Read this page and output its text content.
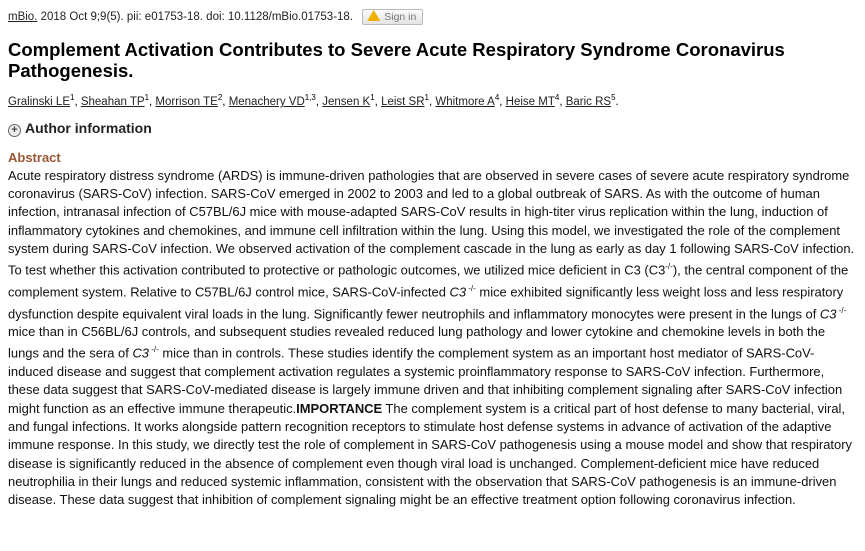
mBio. 2018 Oct 9;9(5). pii: e01753-18. doi: 10.1128/mBio.01753-18.	Sign in
Complement Activation Contributes to Severe Acute Respiratory Syndrome Coronavirus Pathogenesis.
Gralinski $LE^1$, Sheahan $TP^1$, Morrison $TE^2$, Menachery VD$^{1,3}$, Jensen $K^1$, Leist $SR^1$, Whitmore $A^4$, Heise $MT^4$, Baric $RS^5$.
+ Author information
Abstract
Acute respiratory distress syndrome (ARDS) is immune-driven pathologies that are observed in severe cases of severe acute respiratory syndrome coronavirus (SARS-CoV) infection. SARS-CoV emerged in 2002 to 2003 and led to a global outbreak of SARS. As with the outcome of human infection, intranasal infection of C57BL/6J mice with mouse-adapted SARS-CoV results in high-titer virus replication within the lung, induction of inflammatory cytokines and chemokines, and immune cell infiltration within the lung. Using this model, we investigated the role of the complement system during SARS-CoV infection. We observed activation of the complement cascade in the lung as early as day 1 following SARS-CoV infection. To test whether this activation contributed to protective or pathologic outcomes, we utilized mice deficient in C3 (C3-/-), the central component of the complement system. Relative to C57BL/6J control mice, SARS-CoV-infected C3 -/- mice exhibited significantly less weight loss and less respiratory dysfunction despite equivalent viral loads in the lung. Significantly fewer neutrophils and inflammatory monocytes were present in the lungs of C3 -/- mice than in C56BL/6J controls, and subsequent studies revealed reduced lung pathology and lower cytokine and chemokine levels in both the lungs and the sera of C3 -/- mice than in controls. These studies identify the complement system as an important host mediator of SARS-CoV-induced disease and suggest that complement activation regulates a systemic proinflammatory response to SARS-CoV infection. Furthermore, these data suggest that SARS-CoV-mediated disease is largely immune driven and that inhibiting complement signaling after SARS-CoV infection might function as an effective immune therapeutic.IMPORTANCE The complement system is a critical part of host defense to many bacterial, viral, and fungal infections. It works alongside pattern recognition receptors to stimulate host defense systems in advance of activation of the adaptive immune response. In this study, we directly test the role of complement in SARS-CoV pathogenesis using a mouse model and show that respiratory disease is significantly reduced in the absence of complement even though viral load is unchanged. Complement-deficient mice have reduced neutrophilia in their lungs and reduced systemic inflammation, consistent with the observation that SARS-CoV pathogenesis is an immune-driven disease. These data suggest that inhibition of complement signaling might be an effective treatment option following coronavirus infection.
